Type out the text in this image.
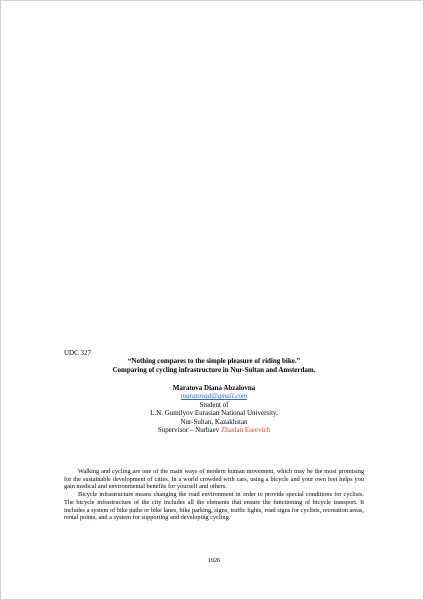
UDC 327
“Nothing compares to the simple pleasure of riding bike.”
Comparing of cycling infrastructure in Nur-Sultan and Amsterdam.
Maratova Diana Abzalovna
maratovad@gmail.com
Student of
L.N. Gumilyov Eurasian National University,
Nur-Sultan, Kazakhstan
Supervisor – Nurbaev Zhaslan Esеevich

Walking and cycling are one of the main ways of modern human movement, which may be the most promising for the sustainable development of cities. In a world crowded with cars, using a bicycle and your own feet helps you gain medical and environmental benefits for yourself and others.

Bicycle infrastructure means changing the road environment in order to provide special conditions for cyclists. The bicycle infrastructure of the city includes all the elements that ensure the functioning of bicycle transport. It includes a system of bike paths or bike lanes, bike parking, signs, traffic lights, road signs for cyclists, recreation areas, rental points, and a system for supporting and developing cycling.

1926
